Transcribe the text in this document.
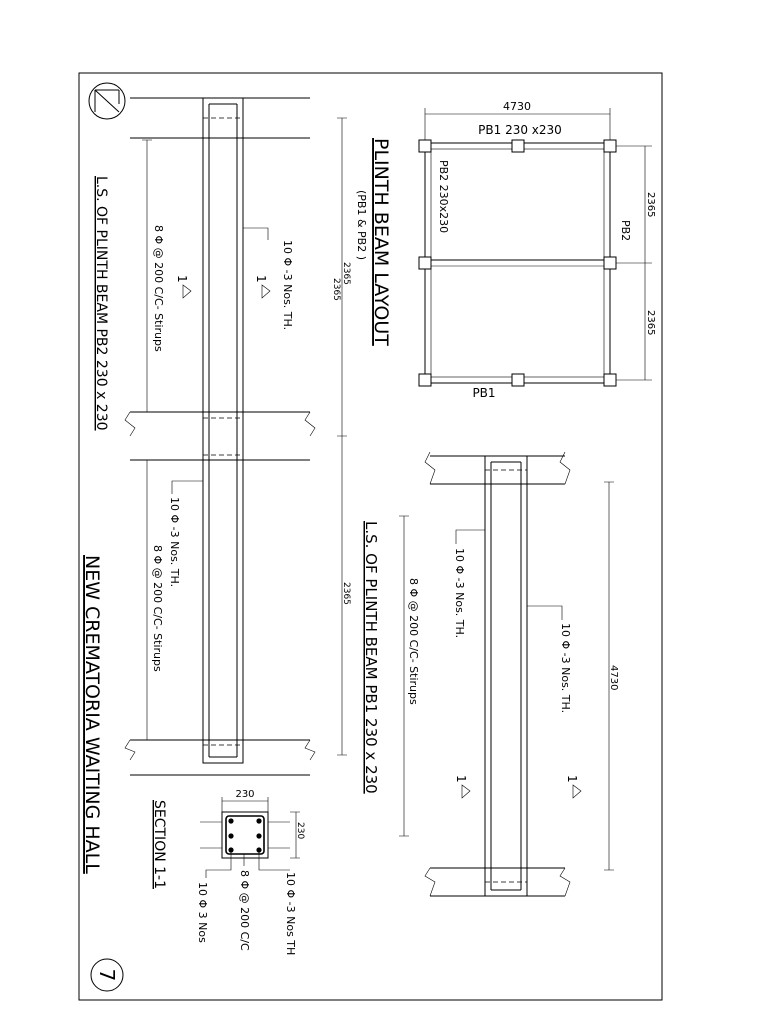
4730
PB1 230 x230
PB1
PB2 230x230	PB2
2365
2365
PLINTH BEAM LAYOUT
(PB1 & PB2 )
10 Φ -3 Nos. TH.
8 Φ @ 200 C/C- Stirups
10 Φ -3 Nos. TH.
8 Φ @ 200 C/C- Stirups
1	1	2365
2365
2365
L.S. OF PLINTH BEAM PB2 230 x 230
10 Φ -3 Nos. TH.
10 Φ -3 Nos. TH.
8 Φ @ 200 C/C- Stirups	4730
1	1
L.S. OF PLINTH BEAM PB1 230 x 230
230
230
10 Φ -3 Nos TH
8 Φ @ 200 C/C
10 Φ 3 Nos
SECTION 1-1
NEW CREMATORIA WAITING HALL
7
